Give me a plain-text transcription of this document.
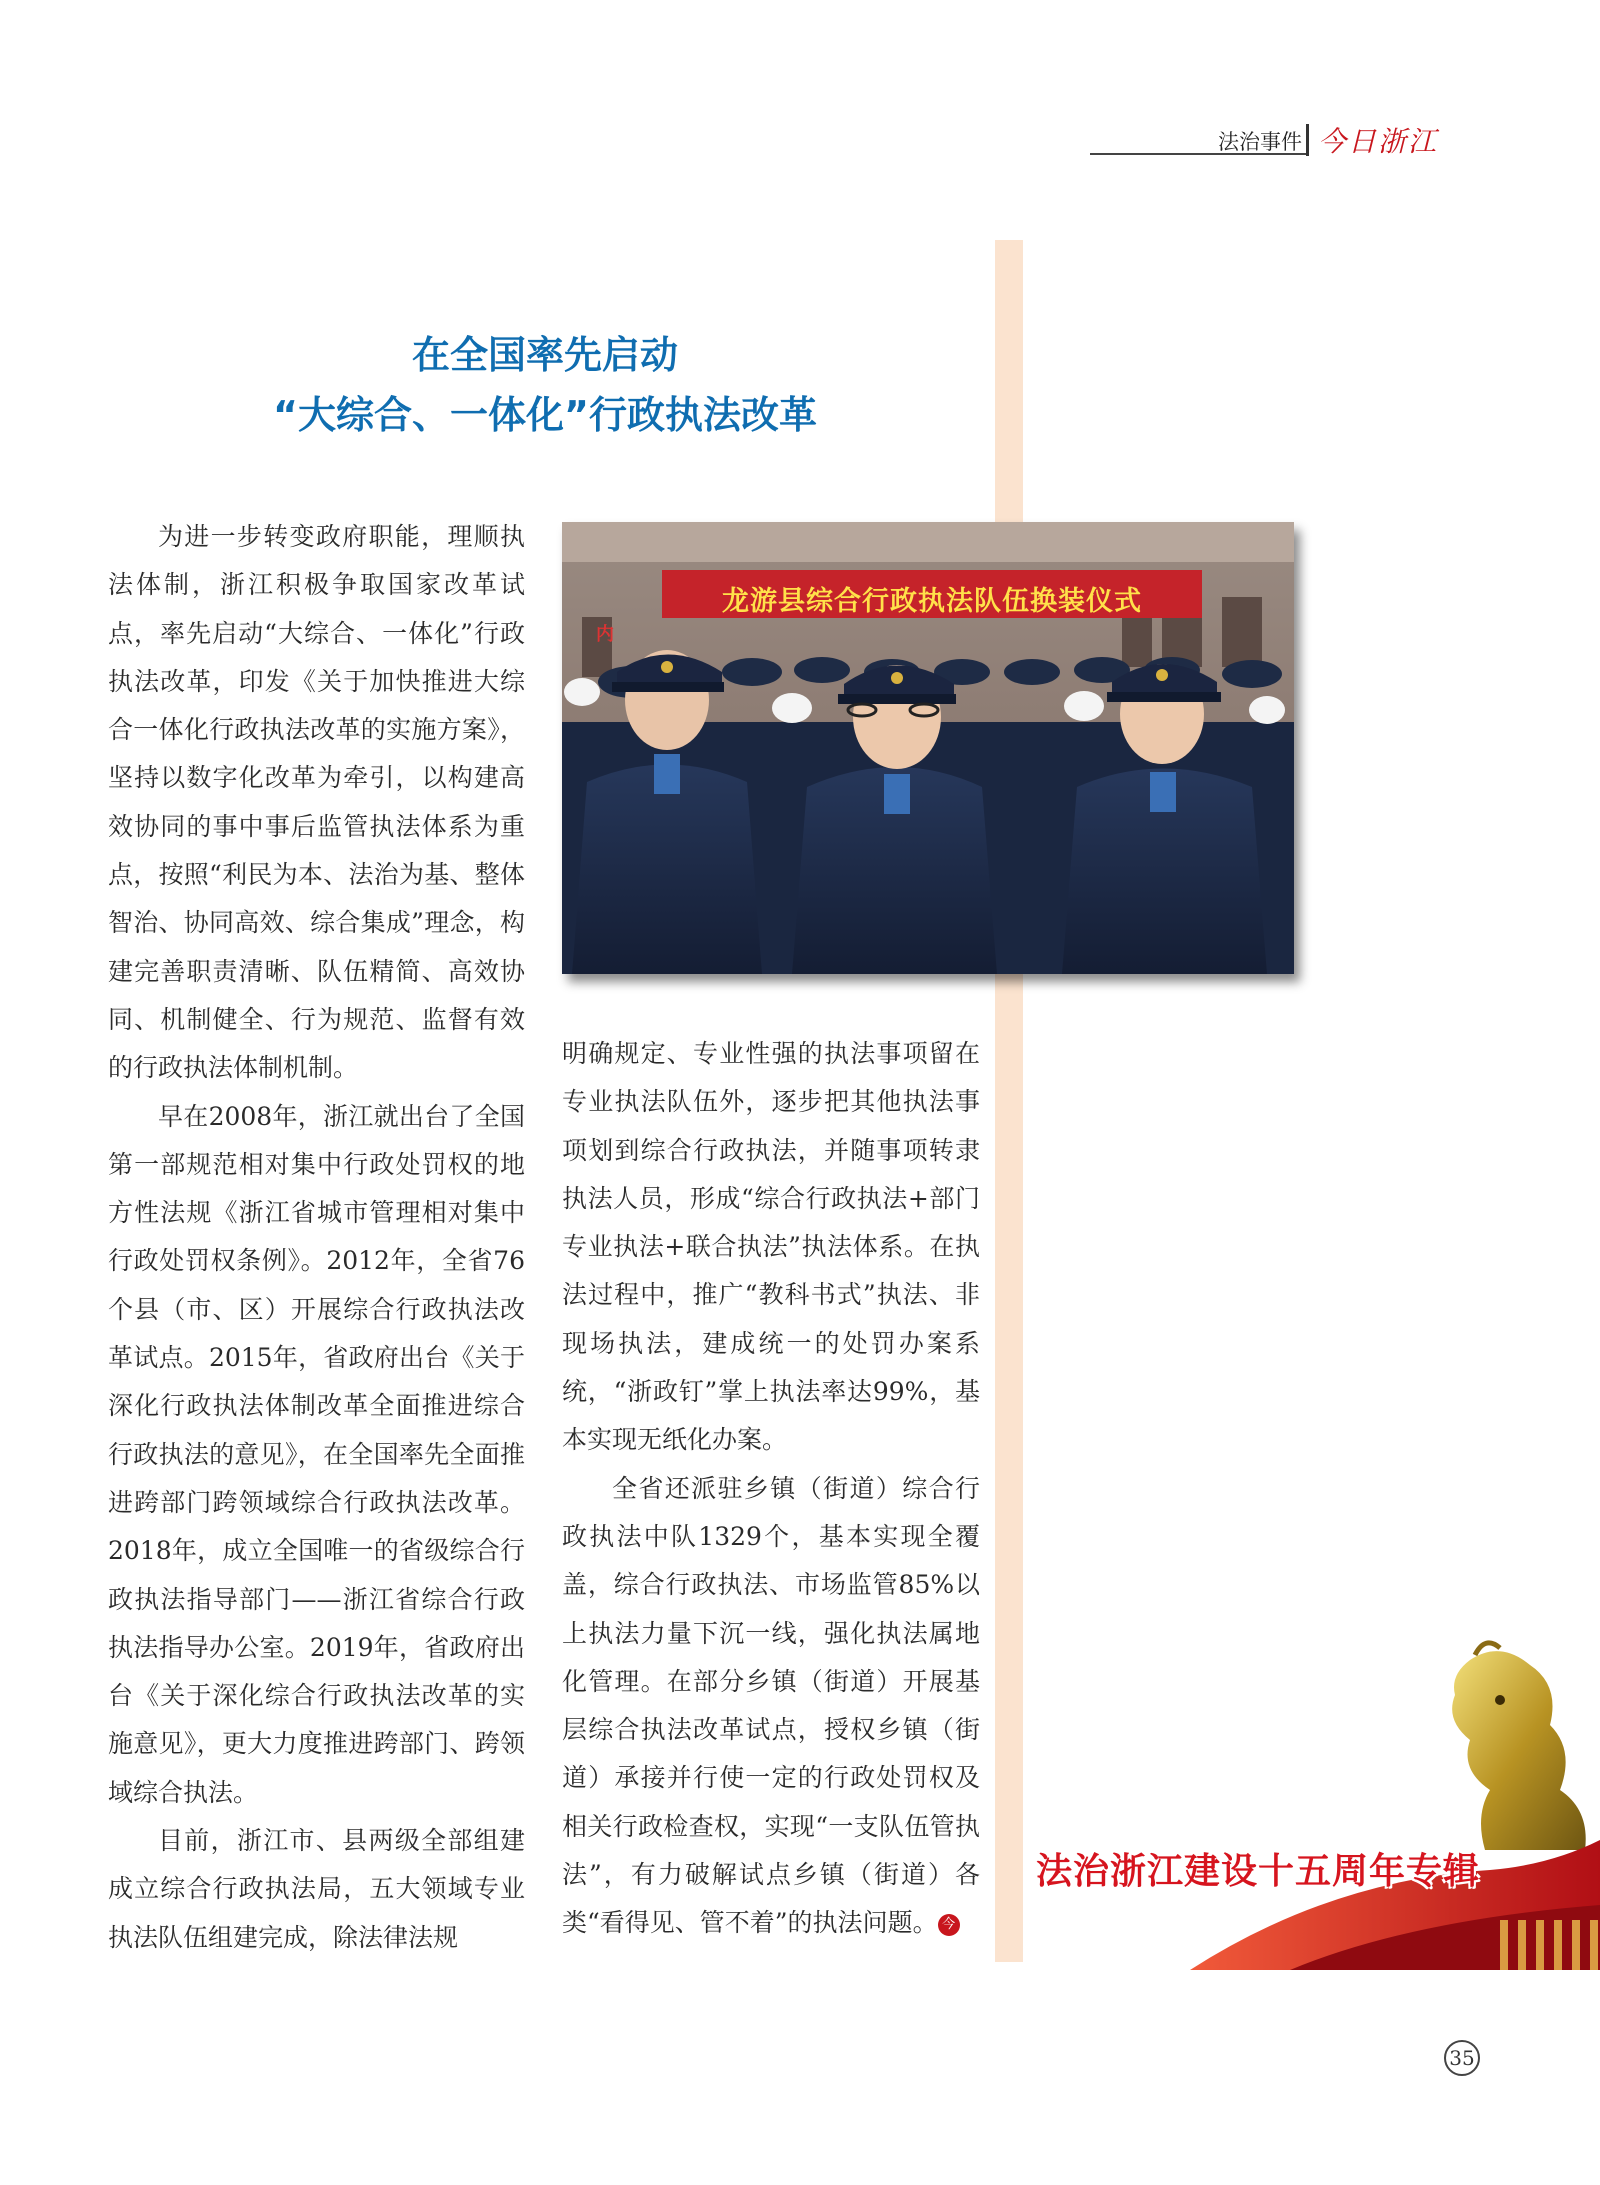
法治事件 今日浙江
在全国率先启动
“大综合、一体化”行政执法改革

为进一步转变政府职能，理顺执法体制，浙江积极争取国家改革试点，率先启动“大综合、一体化”行政执法改革，印发《关于加快推进大综合一体化行政执法改革的实施方案》，坚持以数字化改革为牵引，以构建高效协同的事中事后监管执法体系为重点，按照“利民为本、法治为基、整体智治、协同高效、综合集成”理念，构建完善职责清晰、队伍精简、高效协同、机制健全、行为规范、监督有效的行政执法体制机制。

早在2008年，浙江就出台了全国第一部规范相对集中行政处罚权的地方性法规《浙江省城市管理相对集中行政处罚权条例》。2012年，全省76个县（市、区）开展综合行政执法改革试点。2015年，省政府出台《关于深化行政执法体制改革全面推进综合行政执法的意见》，在全国率先全面推进跨部门跨领域综合行政执法改革。2018年，成立全国唯一的省级综合行政执法指导部门——浙江省综合行政执法指导办公室。2019年，省政府出台《关于深化综合行政执法改革的实施意见》，更大力度推进跨部门、跨领域综合执法。

目前，浙江市、县两级全部组建成立综合行政执法局，五大领域专业执法队伍组建完成，除法律法规

龙游县综合行政执法队伍换装仪式
内

明确规定、专业性强的执法事项留在专业执法队伍外，逐步把其他执法事项划到综合行政执法，并随事项转隶执法人员，形成“综合行政执法+部门专业执法+联合执法”执法体系。在执法过程中，推广“教科书式”执法、非现场执法，建成统一的处罚办案系统，“浙政钉”掌上执法率达99%，基本实现无纸化办案。

全省还派驻乡镇（街道）综合行政执法中队1329个，基本实现全覆盖，综合行政执法、市场监管85%以上执法力量下沉一线，强化执法属地化管理。在部分乡镇（街道）开展基层综合执法改革试点，授权乡镇（街道）承接并行使一定的行政处罚权及相关行政检查权，实现“一支队伍管执法”，有力破解试点乡镇（街道）各类“看得见、管不着”的执法问题。 今

法治浙江建设十五周年专辑
35
